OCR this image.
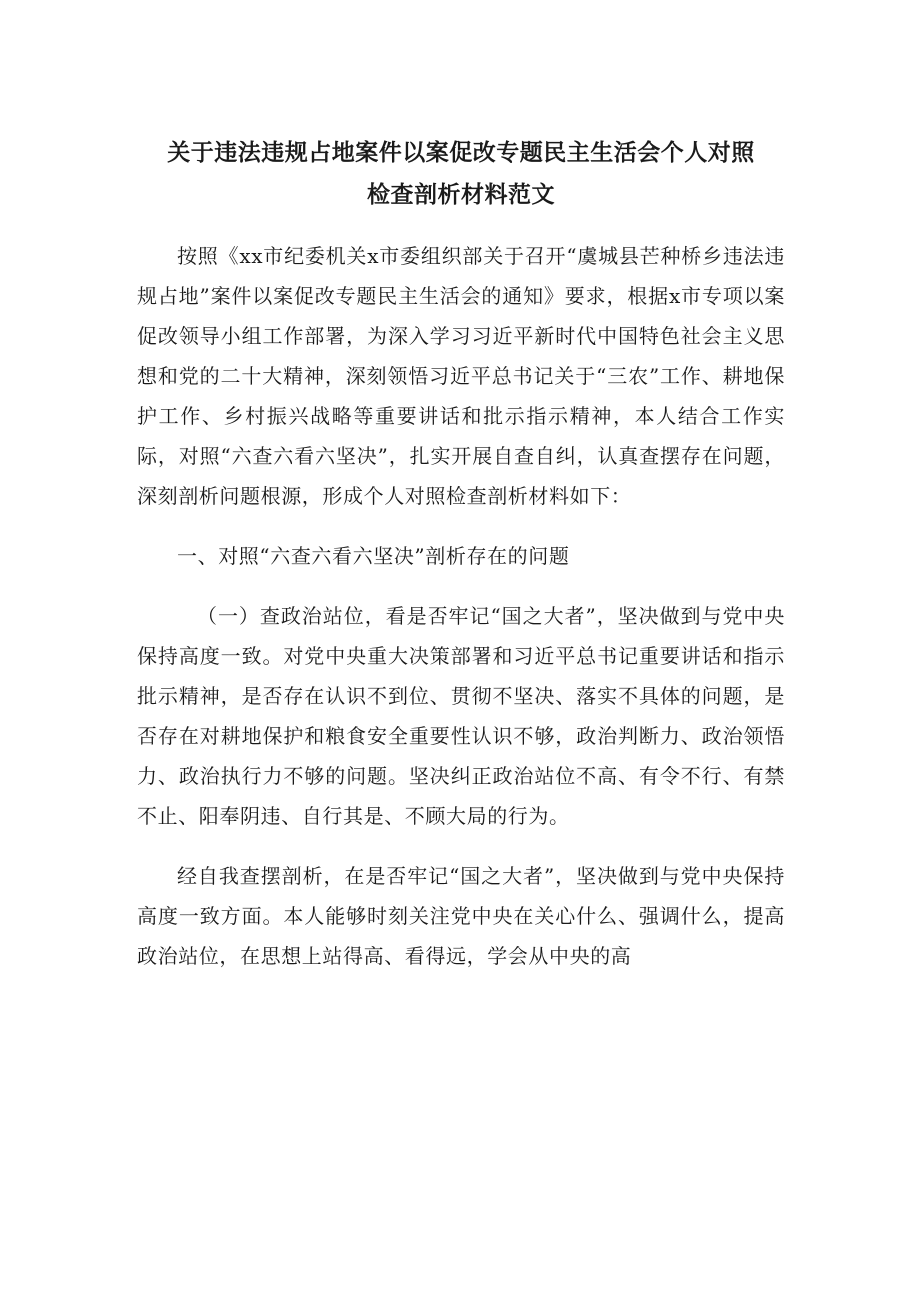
关于违法违规占地案件以案促改专题民主生活会个人对照
检查剖析材料范文

按照《xx市纪委机关x市委组织部关于召开“虞城县芒种桥乡违法违规占地”案件以案促改专题民主生活会的通知》要求，根据x市专项以案促改领导小组工作部署，为深入学习习近平新时代中国特色社会主义思想和党的二十大精神，深刻领悟习近平总书记关于“三农”工作、耕地保护工作、乡村振兴战略等重要讲话和批示指示精神，本人结合工作实际，对照“六查六看六坚决”，扎实开展自查自纠，认真查摆存在问题，深刻剖析问题根源，形成个人对照检查剖析材料如下：

一、对照“六查六看六坚决”剖析存在的问题

（一）查政治站位，看是否牢记“国之大者”，坚决做到与党中央保持高度一致。对党中央重大决策部署和习近平总书记重要讲话和指示批示精神，是否存在认识不到位、贯彻不坚决、落实不具体的问题，是否存在对耕地保护和粮食安全重要性认识不够，政治判断力、政治领悟力、政治执行力不够的问题。坚决纠正政治站位不高、有令不行、有禁不止、阳奉阴违、自行其是、不顾大局的行为。

经自我查摆剖析，在是否牢记“国之大者”，坚决做到与党中央保持高度一致方面。本人能够时刻关注党中央在关心什么、强调什么，提高政治站位，在思想上站得高、看得远，学会从中央的高
